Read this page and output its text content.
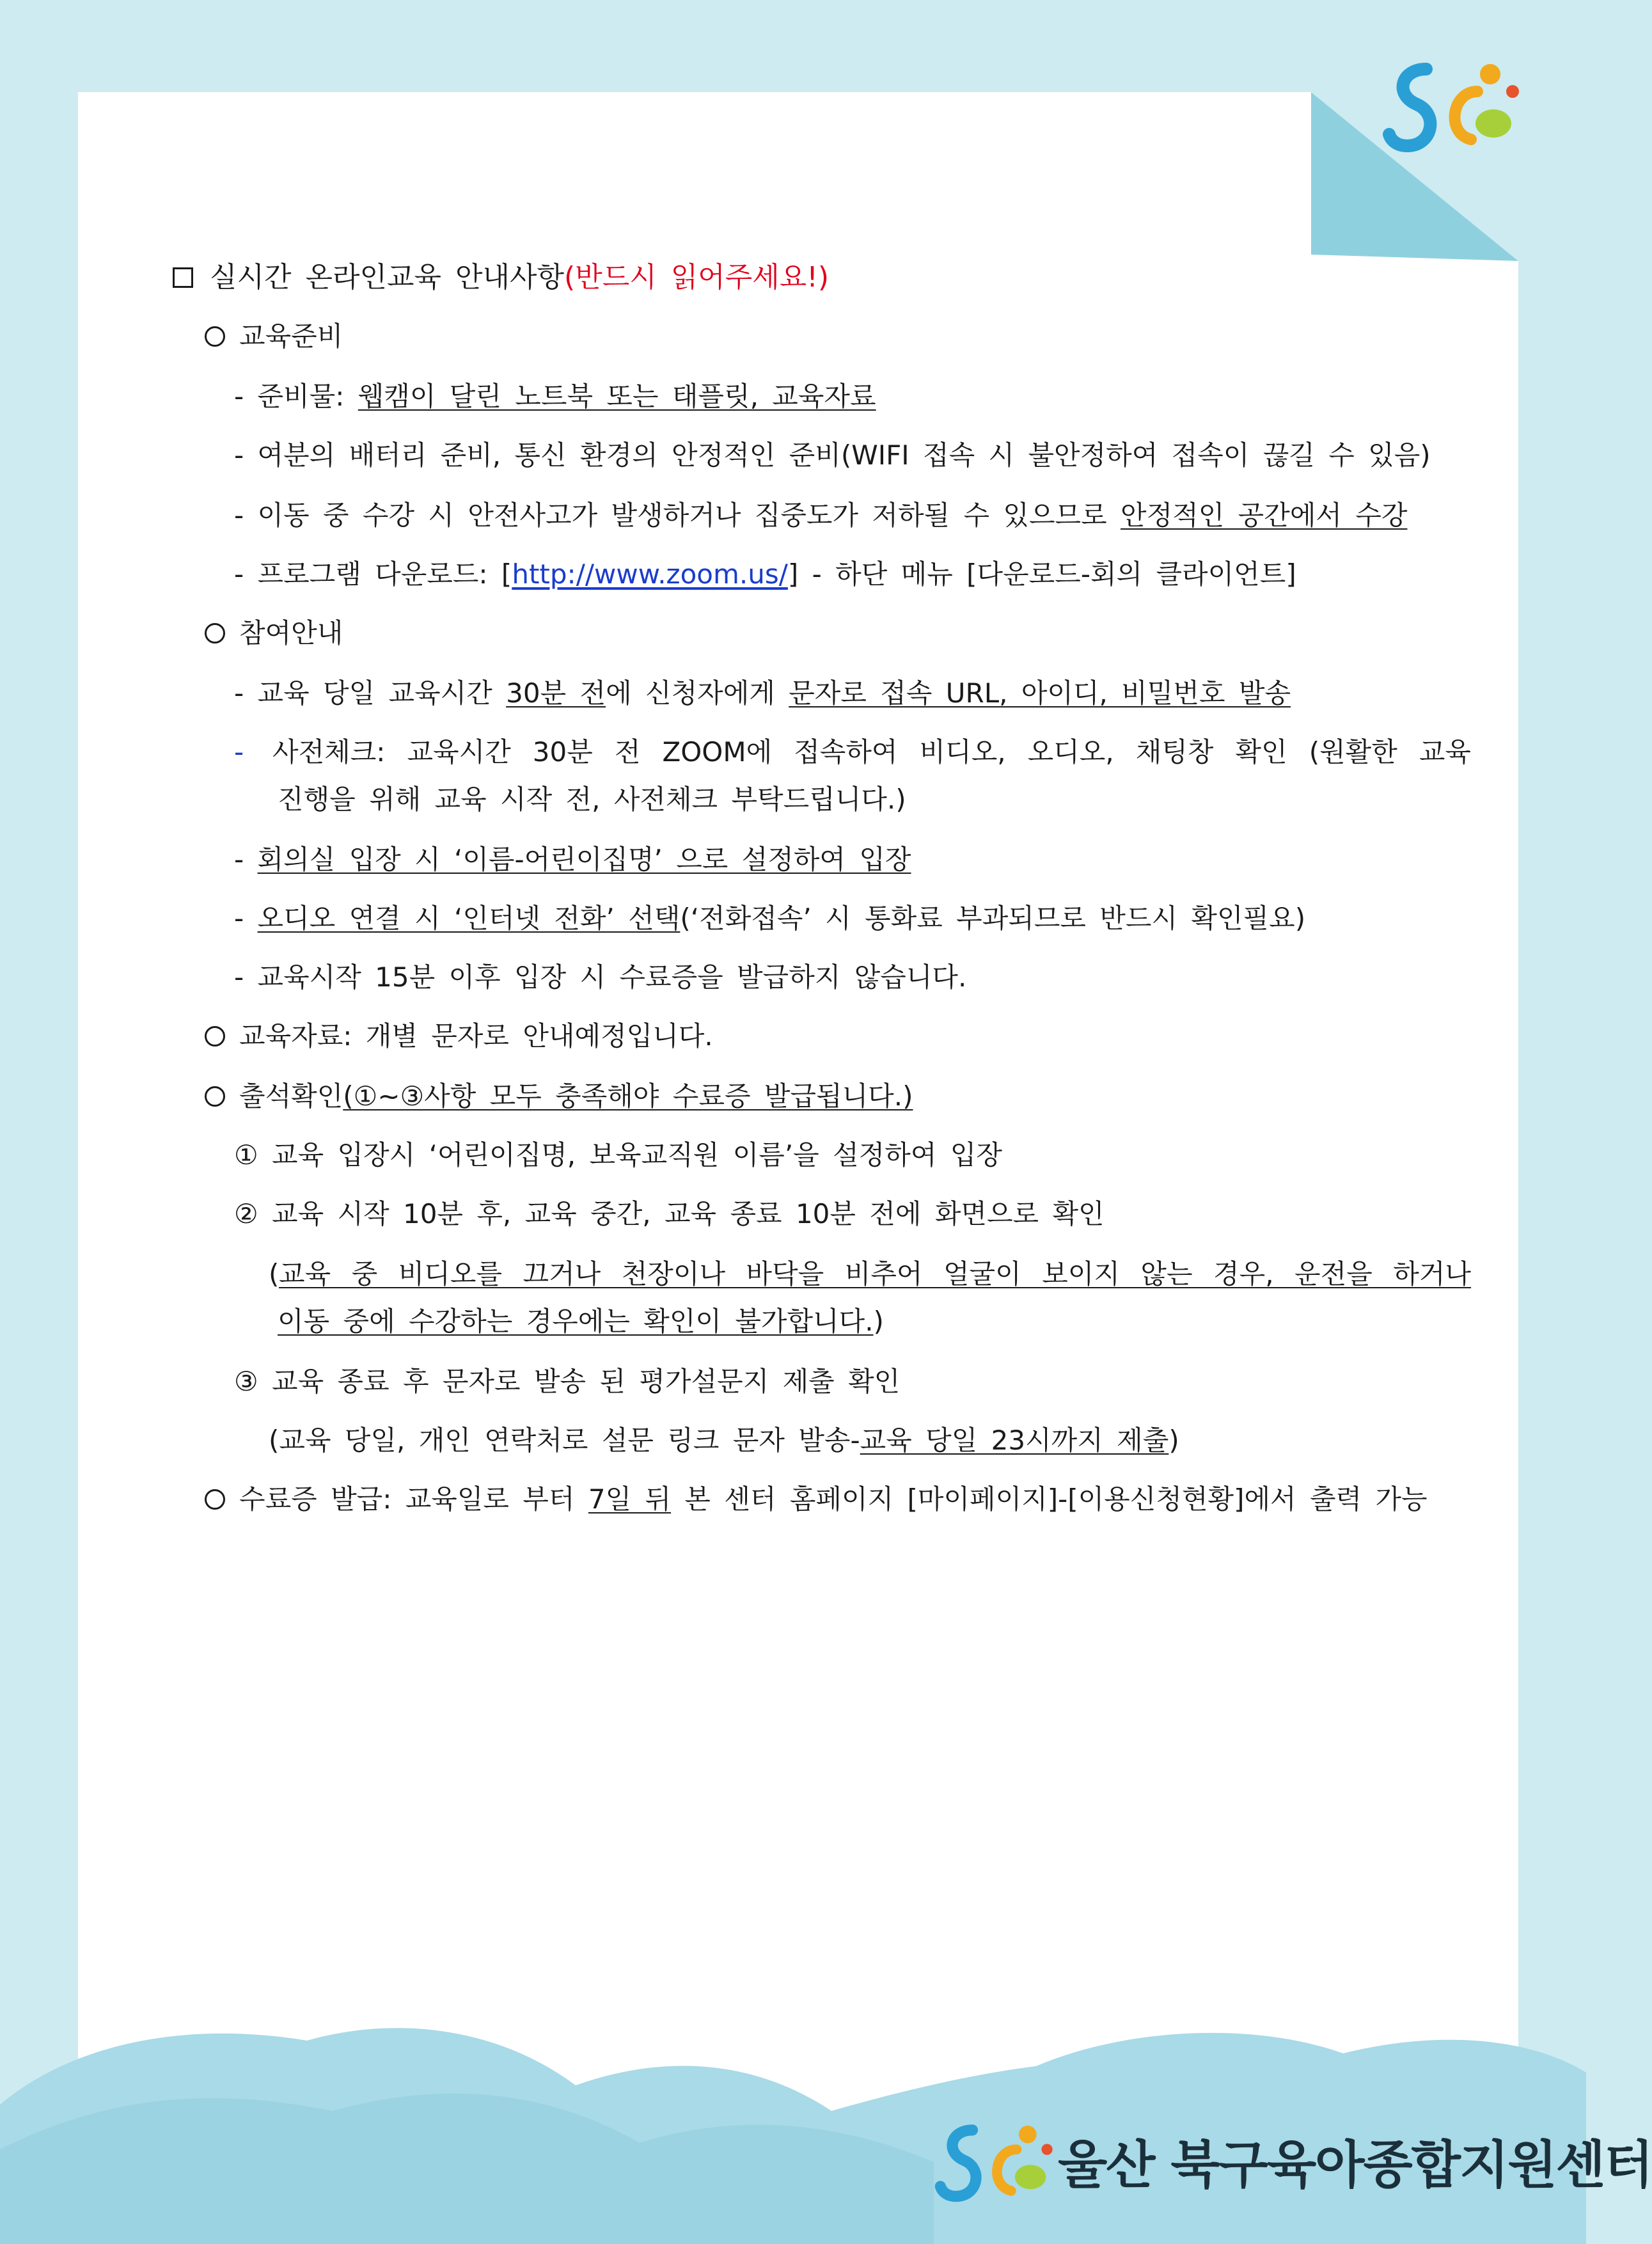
실시간 온라인교육 안내사항(반드시 읽어주세요!)
교육준비
- 준비물: 웹캠이 달린 노트북 또는 태플릿, 교육자료
- 여분의 배터리 준비, 통신 환경의 안정적인 준비(WIFI 접속 시 불안정하여 접속이 끊길 수 있음)
- 이동 중 수강 시 안전사고가 발생하거나 집중도가 저하될 수 있으므로 안정적인 공간에서 수강
- 프로그램 다운로드: [http://www.zoom.us/] - 하단 메뉴 [다운로드-회의 클라이언트]
참여안내
- 교육 당일 교육시간 30분 전에 신청자에게 문자로 접속 URL, 아이디, 비밀번호 발송
- 사전체크: 교육시간 30분 전 ZOOM에 접속하여 비디오, 오디오, 채팅창 확인 (원활한 교육
진행을 위해 교육 시작 전, 사전체크 부탁드립니다.)
- 회의실 입장 시 ‘이름-어린이집명’ 으로 설정하여 입장
- 오디오 연결 시 ‘인터넷 전화’ 선택(‘전화접속’ 시 통화료 부과되므로 반드시 확인필요)
- 교육시작 15분 이후 입장 시 수료증을 발급하지 않습니다.
교육자료: 개별 문자로 안내예정입니다.
출석확인(①~③사항 모두 충족해야 수료증 발급됩니다.)
① 교육 입장시 ‘어린이집명, 보육교직원 이름’을 설정하여 입장
② 교육 시작 10분 후, 교육 중간, 교육 종료 10분 전에 화면으로 확인
( 교육 중 비디오를 끄거나 천장이나 바닥을 비추어 얼굴이 보이지 않는 경우, 운전을 하거나
이동 중에 수강하는 경우에는 확인이 불가합니다.)
③ 교육 종료 후 문자로 발송 된 평가설문지 제출 확인
(교육 당일, 개인 연락처로 설문 링크 문자 발송-교육 당일 23시까지 제출)
수료증 발급: 교육일로 부터 7일 뒤 본 센터 홈페이지 [마이페이지]-[이용신청현황]에서 출력 가능
울산 북구육아종합지원센터
